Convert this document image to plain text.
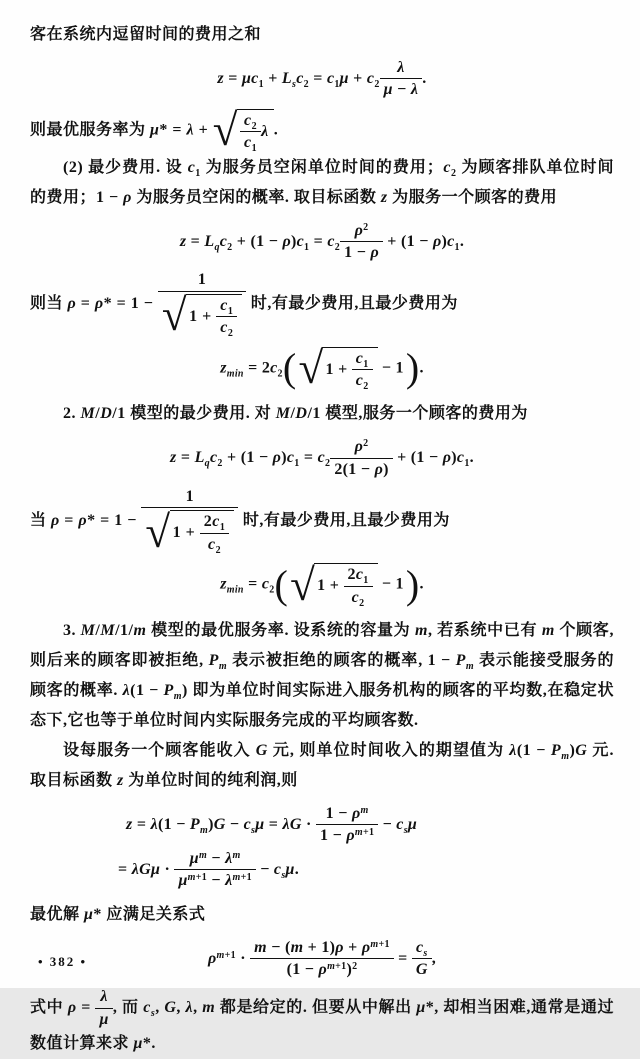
客在系统内逗留时间的费用之和

$z = \mu c_1 + L_sc_2 = c_1\mu + c_2 \frac{\lambda}{\mu - \lambda}$ .

则最优服务率为 μ* = λ + √ $\frac{c_2}{c_1}$ λ .

(2) 最少费用. 设 $c_1$ 为服务员空闲单位时间的费用；$c_2$ 为顾客排队单位时间的费用；1 − ρ 为服务员空闲的概率. 取目标函数 z 为服务一个顾客的费用

$z = L_qc_2 + (1 - \rho)c_1 = c_2 \frac{\rho^2}{1 - \rho} + (1 - \rho)c_1$.

则当 $\rho = \rho* = 1 - \frac{1}{√ 1 + \frac{c_1}{c_2}}$ 时,有最少费用,且最少费用为

$z_{min} = 2c_2$ ( √ $1 + \frac{c_1}{c_2} - 1$ ) .

2. M/D/1 模型的最少费用. 对 M/D/1 模型,服务一个顾客的费用为

$z = L_qc_2 + (1 - \rho)c_1 = c_2 \frac{\rho^2}{2(1 - \rho)} + (1 - \rho)c_1$.

当 $\rho = \rho* = 1 - \frac{1}{√ 1 + \frac{2c_1}{c_2}}$ 时,有最少费用,且最少费用为

$z_{min} = c_2$ ( √ $1 + \frac{2c_1}{c_2} - 1$ ) .

3. M/M/1/m 模型的最优服务率. 设系统的容量为 m, 若系统中已有 m 个顾客,则后来的顾客即被拒绝, $P_m$ 表示被拒绝的顾客的概率, $1 - P_m$ 表示能接受服务的顾客的概率. $\lambda(1 - P_m)$ 即为单位时间实际进入服务机构的顾客的平均数,在稳定状态下,它也等于单位时间内实际服务完成的平均顾客数.

设每服务一个顾客能收入 G 元, 则单位时间收入的期望值为 $\lambda(1 - P_m)G$ 元. 取目标函数 z 为单位时间的纯利润,则

$z = \lambda(1 - P_m)G - c_s\mu = \lambda G \cdot \frac{1 - \rho^m}{1 - \rho^{m+1}} - c_s\mu$
= $\lambda G\mu \cdot \frac{\mu^m - \lambda^m}{\mu^{m+1} - \lambda^{m+1}} - c_s\mu$.

最优解 μ* 应满足关系式

$\rho^{m+1} \cdot \frac{m - (m + 1)\rho + \rho^{m+1}}{(1 - \rho^{m+1})^2} = \frac{c_s}{G}$ ,

式中 $\rho = \frac{\lambda}{\mu}$ , 而 $c_s$, G, λ, m 都是给定的. 但要从中解出 μ*, 却相当困难,通常是通过数值计算来求 μ*.

• 382 •
